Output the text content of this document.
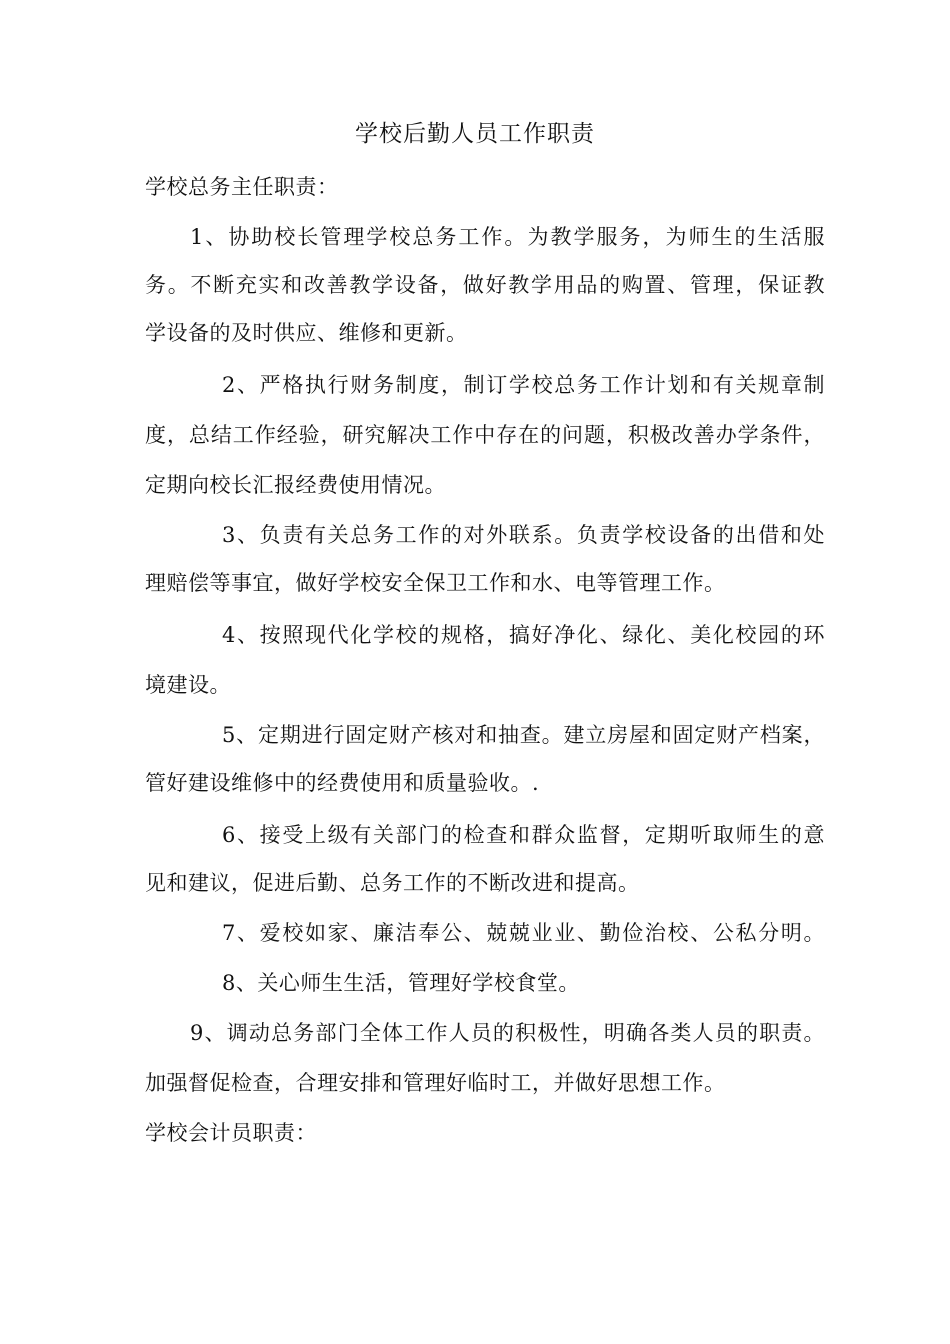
学校后勤人员工作职责

学校总务主任职责：

1、协助校长管理学校总务工作。为教学服务，为师生的生活服

务。不断充实和改善教学设备，做好教学用品的购置、管理，保证教

学设备的及时供应、维修和更新。

2、严格执行财务制度，制订学校总务工作计划和有关规章制

度，总结工作经验，研究解决工作中存在的问题，积极改善办学条件，

定期向校长汇报经费使用情况。

3、负责有关总务工作的对外联系。负责学校设备的出借和处

理赔偿等事宜，做好学校安全保卫工作和水、电等管理工作。

4、按照现代化学校的规格，搞好净化、绿化、美化校园的环

境建设。

5、定期进行固定财产核对和抽查。建立房屋和固定财产档案，

管好建设维修中的经费使用和质量验收。.

6、接受上级有关部门的检查和群众监督，定期听取师生的意

见和建议，促进后勤、总务工作的不断改进和提高。

7、爱校如家、廉洁奉公、兢兢业业、勤俭治校、公私分明。

8、关心师生生活，管理好学校食堂。

9、调动总务部门全体工作人员的积极性，明确各类人员的职责。

加强督促检查，合理安排和管理好临时工，并做好思想工作。

学校会计员职责：
